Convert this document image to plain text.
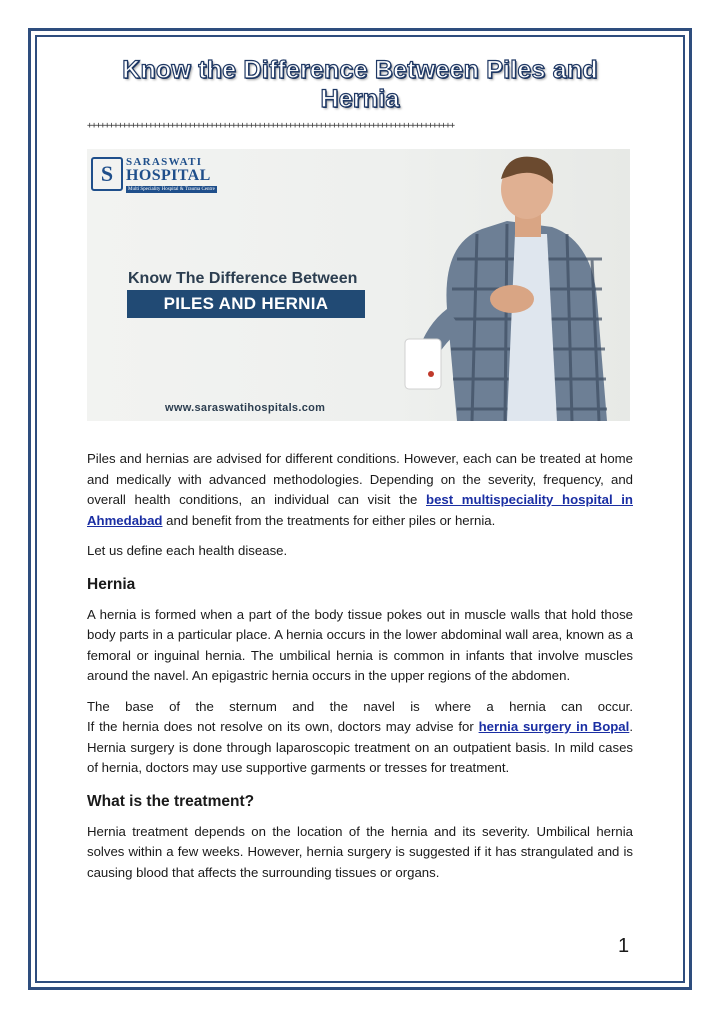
Know the Difference Between Piles and Hernia
++++++++++++++++++++++++++++++++++++++++++++++++++++++++++++++++++++++++++++++++++++
S	SARASWATI
HOSPITAL
Multi Speciality Hospital & Trauma Centre
Know The Difference Between
PILES AND HERNIA
www.saraswatihospitals.com

Piles and hernias are advised for different conditions. However, each can be treated at home and medically with advanced methodologies. Depending on the severity, frequency, and overall health conditions, an individual can visit the best multispeciality hospital in Ahmedabad and benefit from the treatments for either piles or hernia.

Let us define each health disease.

Hernia

A hernia is formed when a part of the body tissue pokes out in muscle walls that hold those body parts in a particular place. A hernia occurs in the lower abdominal wall area, known as a femoral or inguinal hernia. The umbilical hernia is common in infants that involve muscles around the navel. An epigastric hernia occurs in the upper regions of the abdomen.

The base of the sternum and the navel is where a hernia can occur.
If the hernia does not resolve on its own, doctors may advise for hernia surgery in Bopal. Hernia surgery is done through laparoscopic treatment on an outpatient basis. In mild cases of hernia, doctors may use supportive garments or tresses for treatment.

What is the treatment?

Hernia treatment depends on the location of the hernia and its severity. Umbilical hernia solves within a few weeks. However, hernia surgery is suggested if it has strangulated and is causing blood that affects the surrounding tissues or organs.

1
